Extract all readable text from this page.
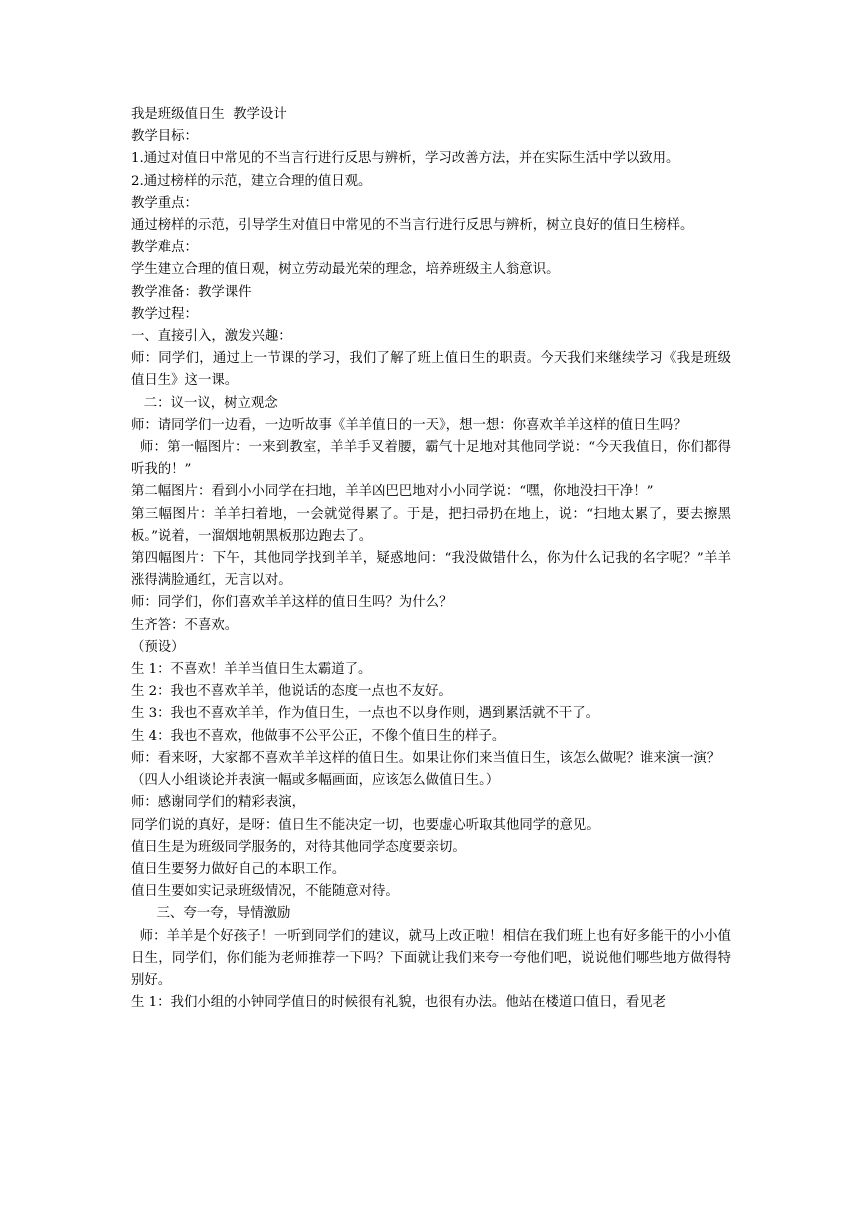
我是班级值日生  教学设计

教学目标：

1.通过对值日中常见的不当言行进行反思与辨析，学习改善方法，并在实际生活中学以致用。

2.通过榜样的示范，建立合理的值日观。

教学重点：

通过榜样的示范，引导学生对值日中常见的不当言行进行反思与辨析，树立良好的值日生榜样。

教学难点：

学生建立合理的值日观，树立劳动最光荣的理念，培养班级主人翁意识。

教学准备：教学课件

教学过程：

一、直接引入，激发兴趣：

师：同学们，通过上一节课的学习，我们了解了班上值日生的职责。今天我们来继续学习《我是班级值日生》这一课。

二：议一议，树立观念

师：请同学们一边看，一边听故事《羊羊值日的一天》，想一想：你喜欢羊羊这样的值日生吗？

师：第一幅图片：一来到教室，羊羊手叉着腰，霸气十足地对其他同学说：“今天我值日，你们都得听我的！”

第二幅图片：看到小小同学在扫地，羊羊凶巴巴地对小小同学说：“嘿，你地没扫干净！”

第三幅图片：羊羊扫着地，一会就觉得累了。于是，把扫帚扔在地上，说：“扫地太累了，要去擦黑板。”说着，一溜烟地朝黑板那边跑去了。

第四幅图片：下午，其他同学找到羊羊，疑惑地问：“我没做错什么，你为什么记我的名字呢？”羊羊涨得满脸通红，无言以对。

师：同学们，你们喜欢羊羊这样的值日生吗？为什么？

生齐答：不喜欢。

（预设）

生 1：不喜欢！羊羊当值日生太霸道了。

生 2：我也不喜欢羊羊，他说话的态度一点也不友好。

生 3：我也不喜欢羊羊，作为值日生，一点也不以身作则，遇到累活就不干了。

生 4：我也不喜欢，他做事不公平公正，不像个值日生的样子。

师：看来呀，大家都不喜欢羊羊这样的值日生。如果让你们来当值日生，该怎么做呢？谁来演一演？

（四人小组谈论并表演一幅或多幅画面，应该怎么做值日生。）

师：感谢同学们的精彩表演，

同学们说的真好，是呀：值日生不能决定一切，也要虚心听取其他同学的意见。

值日生是为班级同学服务的，对待其他同学态度要亲切。

值日生要努力做好自己的本职工作。

值日生要如实记录班级情况，不能随意对待。

三、夸一夸，导情激励

师：羊羊是个好孩子！一听到同学们的建议，就马上改正啦！相信在我们班上也有好多能干的小小值日生，同学们，你们能为老师推荐一下吗？下面就让我们来夸一夸他们吧，说说他们哪些地方做得特别好。

生 1：我们小组的小钟同学值日的时候很有礼貌，也很有办法。他站在楼道口值日，看见老
